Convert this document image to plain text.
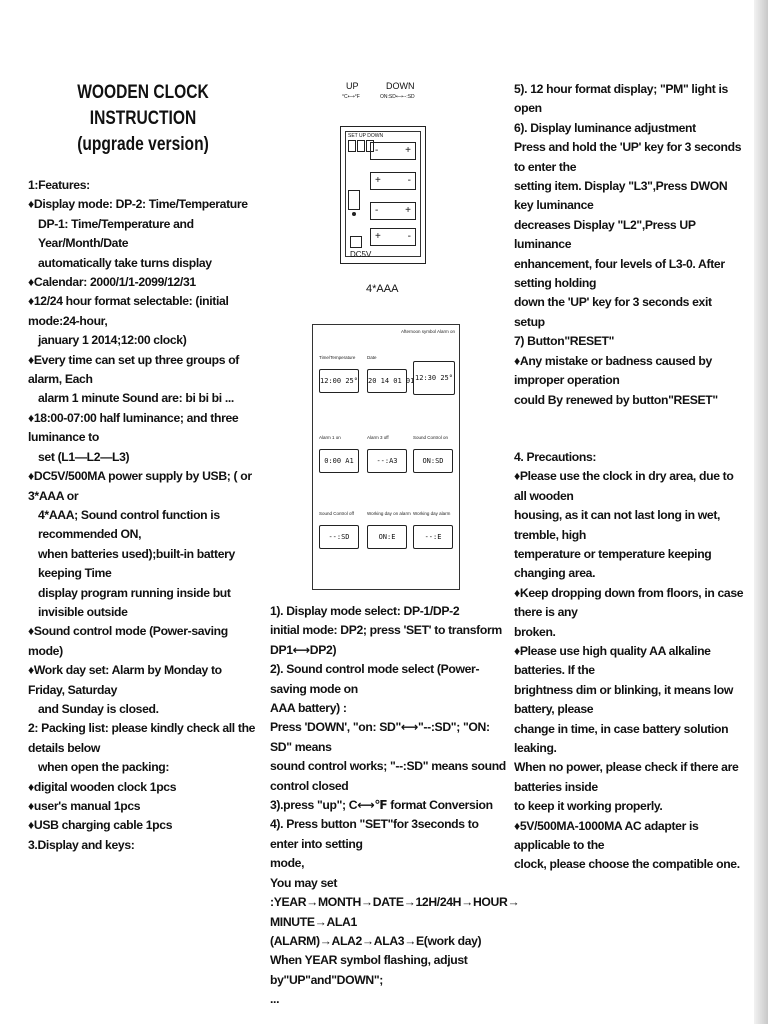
WOODEN CLOCK INSTRUCTION
(upgrade version)

1:Features:

♦Display mode: DP-2: Time/Temperature

DP-1: Time/Temperature and Year/Month/Date

automatically take turns display

♦Calendar: 2000/1/1-2099/12/31

♦12/24 hour format selectable: (initial mode:24-hour,

january 1 2014;12:00 clock)

♦Every time can set up three groups of alarm, Each

alarm 1 minute Sound are: bi bi bi ...

♦18:00-07:00 half luminance; and three luminance to

set (L1—L2—L3)

♦DC5V/500MA power supply by USB; ( or 3*AAA or

4*AAA; Sound control function is recommended ON,

when batteries used);built-in battery keeping Time

display program running inside but invisible outside

♦Sound control mode (Power-saving mode)

♦Work day set: Alarm by Monday to Friday, Saturday

and Sunday is closed.

2: Packing list: please kindly check all the details below

when open the packing:

♦digital wooden clock 1pcs

♦user's manual 1pcs

♦USB charging cable 1pcs

3.Display and keys:

UP
°C⟷°F
DOWN
ON:SD⟷--:SD
SET UP DOWN
-	+
+	-
-	+
+	-
DC5V
4*AAA
Afternoon symbol Alarm on
Time/Temperature
12:00 25°
Date
20 14 01 01 12:30 25°
Alarm 1 on
0:00 A1
Alarm 3 off
--:A3
Sound Control on
ON:SD
Sound Control off
--:SD
Working day on alarm
ON:E
Working day alarm
--:E

1). Display mode select: DP-1/DP-2

initial mode: DP2; press 'SET' to transform DP1⟷DP2)

2). Sound control mode select (Power-saving mode on

AAA battery) :

Press 'DOWN', "on: SD"⟷"--:SD"; "ON: SD" means

sound control works; "--:SD" means sound control closed

3).press "up"; C⟷℉ format Conversion

4). Press button "SET"for 3seconds to enter into setting

mode,

You may set :YEAR→MONTH→DATE→12H/24H→HOUR→

MINUTE→ALA1 (ALARM)→ALA2→ALA3→E(work day)

When YEAR symbol flashing, adjust by"UP"and"DOWN";

...

5). 12 hour format display; "PM" light is open

6). Display luminance adjustment

Press and hold the 'UP' key for 3 seconds to enter the

setting item. Display "L3",Press DWON key luminance

decreases Display "L2",Press UP luminance

enhancement, four levels of L3-0. After setting holding

down the 'UP' key for 3 seconds exit setup

7) Button"RESET"

♦Any mistake or badness caused by improper operation

could By renewed by button"RESET"

4. Precautions:

♦Please use the clock in dry area, due to all wooden

housing, as it can not last long in wet, tremble, high

temperature or temperature keeping changing area.

♦Keep dropping down from floors, in case there is any

broken.

♦Please use high quality AA alkaline batteries. If the

brightness dim or blinking, it means low battery, please

change in time, in case battery solution leaking.

When no power, please check if there are batteries inside

to keep it working properly.

♦5V/500MA-1000MA AC adapter is applicable to the

clock, please choose the compatible one.
